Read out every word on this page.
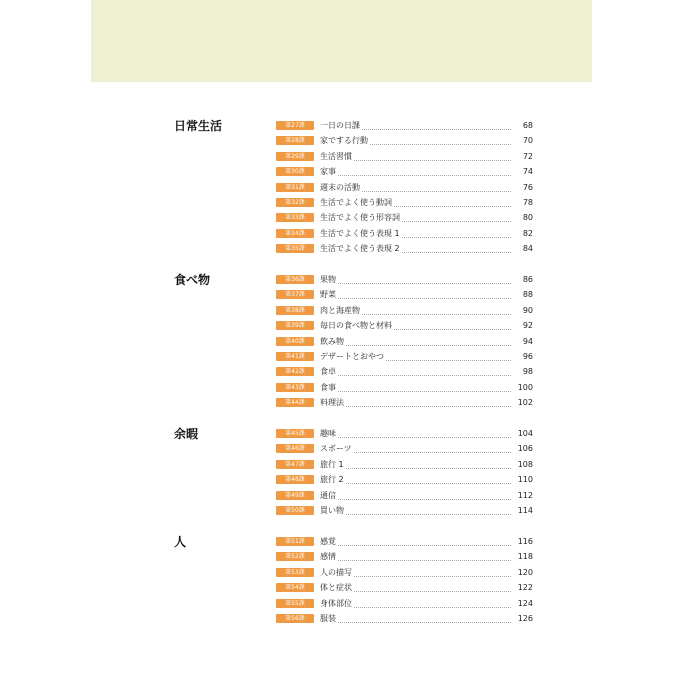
日常生活	第27課	一日の日課	68
第28課	家でする行動	70
第29課	生活習慣	72
第30課	家事	74
第31課	週末の活動	76
第32課	生活でよく使う動詞	78
第33課	生活でよく使う形容詞	80
第34課	生活でよく使う表現 1	82
第35課	生活でよく使う表現 2	84
食べ物	第36課	果物	86
第37課	野菜	88
第38課	肉と海産物	90
第39課	毎日の食べ物と材料	92
第40課	飲み物	94
第41課	デザートとおやつ	96
第42課	食卓	98
第43課	食事	100
第44課	料理法	102
余暇	第45課	趣味	104
第46課	スポーツ	106
第47課	旅行 1	108
第48課	旅行 2	110
第49課	通信	112
第50課	買い物	114
人	第51課	感覚	116
第52課	感情	118
第53課	人の描写	120
第54課	体と症状	122
第55課	身体部位	124
第56課	服装	126
